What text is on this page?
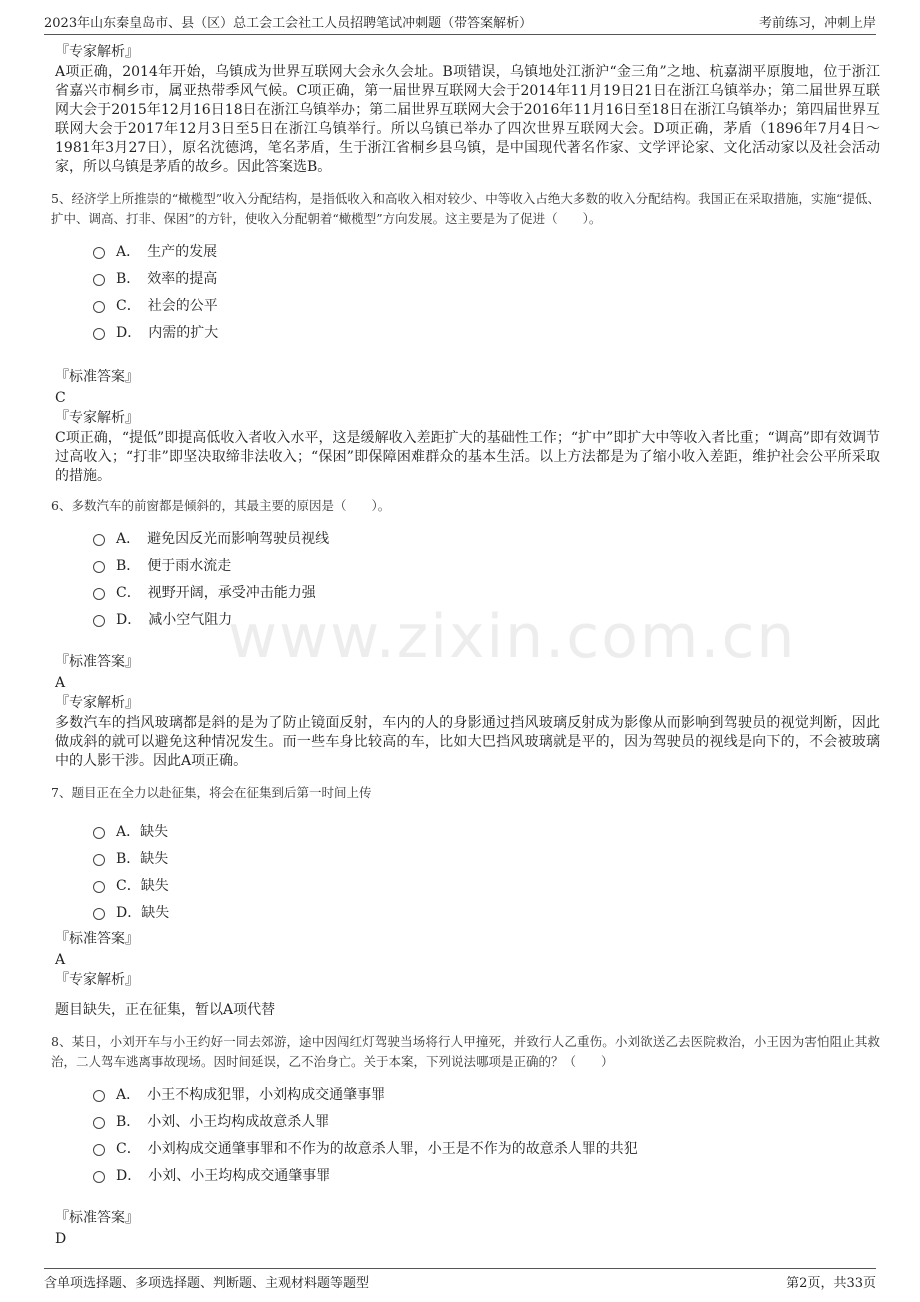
2023年山东秦皇岛市、县（区）总工会工会社工人员招聘笔试冲刺题（带答案解析）	考前练习，冲刺上岸
www.zixin.com.cn
『专家解析』
A项正确，2014年开始，乌镇成为世界互联网大会永久会址。B项错误，乌镇地处江浙沪“金三角”之地、杭嘉湖平原腹地，位于浙江省嘉兴市桐乡市，属亚热带季风气候。C项正确，第一届世界互联网大会于2014年11月19日21日在浙江乌镇举办；第二届世界互联网大会于2015年12月16日18日在浙江乌镇举办；第二届世界互联网大会于2016年11月16日至18日在浙江乌镇举办；第四届世界互联网大会于2017年12月3日至5日在浙江乌镇举行。所以乌镇已举办了四次世界互联网大会。D项正确，茅盾（1896年7月4日～1981年3月27日），原名沈德鸿，笔名茅盾，生于浙江省桐乡县乌镇，是中国现代著名作家、文学评论家、文化活动家以及社会活动家，所以乌镇是茅盾的故乡。因此答案选B。
5、经济学上所推崇的“橄榄型”收入分配结构，是指低收入和高收入相对较少、中等收入占绝大多数的收入分配结构。我国正在采取措施，实施“提低、扩中、调高、打非、保困”的方针，使收入分配朝着“橄榄型”方向发展。这主要是为了促进（　　）。
A．　生产的发展
B．　效率的提高
C．　社会的公平
D．　内需的扩大
『标准答案』
C
『专家解析』
C项正确，“提低”即提高低收入者收入水平，这是缓解收入差距扩大的基础性工作；“扩中”即扩大中等收入者比重；“调高”即有效调节过高收入；“打非”即坚决取缔非法收入；“保困”即保障困难群众的基本生活。以上方法都是为了缩小收入差距，维护社会公平所采取的措施。
6、多数汽车的前窗都是倾斜的，其最主要的原因是（　　）。
A．　避免因反光而影响驾驶员视线
B．　便于雨水流走
C．　视野开阔，承受冲击能力强
D．　减小空气阻力
『标准答案』
A
『专家解析』
多数汽车的挡风玻璃都是斜的是为了防止镜面反射，车内的人的身影通过挡风玻璃反射成为影像从而影响到驾驶员的视觉判断，因此做成斜的就可以避免这种情况发生。而一些车身比较高的车，比如大巴挡风玻璃就是平的，因为驾驶员的视线是向下的，不会被玻璃中的人影干涉。因此A项正确。
7、题目正在全力以赴征集，将会在征集到后第一时间上传
A．缺失
B．缺失
C．缺失
D．缺失
『标准答案』
A
『专家解析』
题目缺失，正在征集，暂以A项代替
8、某日，小刘开车与小王约好一同去郊游，途中因闯红灯驾驶当场将行人甲撞死，并致行人乙重伤。小刘欲送乙去医院救治，小王因为害怕阻止其救治，二人驾车逃离事故现场。因时间延误，乙不治身亡。关于本案，下列说法哪项是正确的？（　　）
A．　小王不构成犯罪，小刘构成交通肇事罪
B．　小刘、小王均构成故意杀人罪
C．　小刘构成交通肇事罪和不作为的故意杀人罪，小王是不作为的故意杀人罪的共犯
D．　小刘、小王均构成交通肇事罪
『标准答案』
D
含单项选择题、多项选择题、判断题、主观材料题等题型	第2页，共33页
